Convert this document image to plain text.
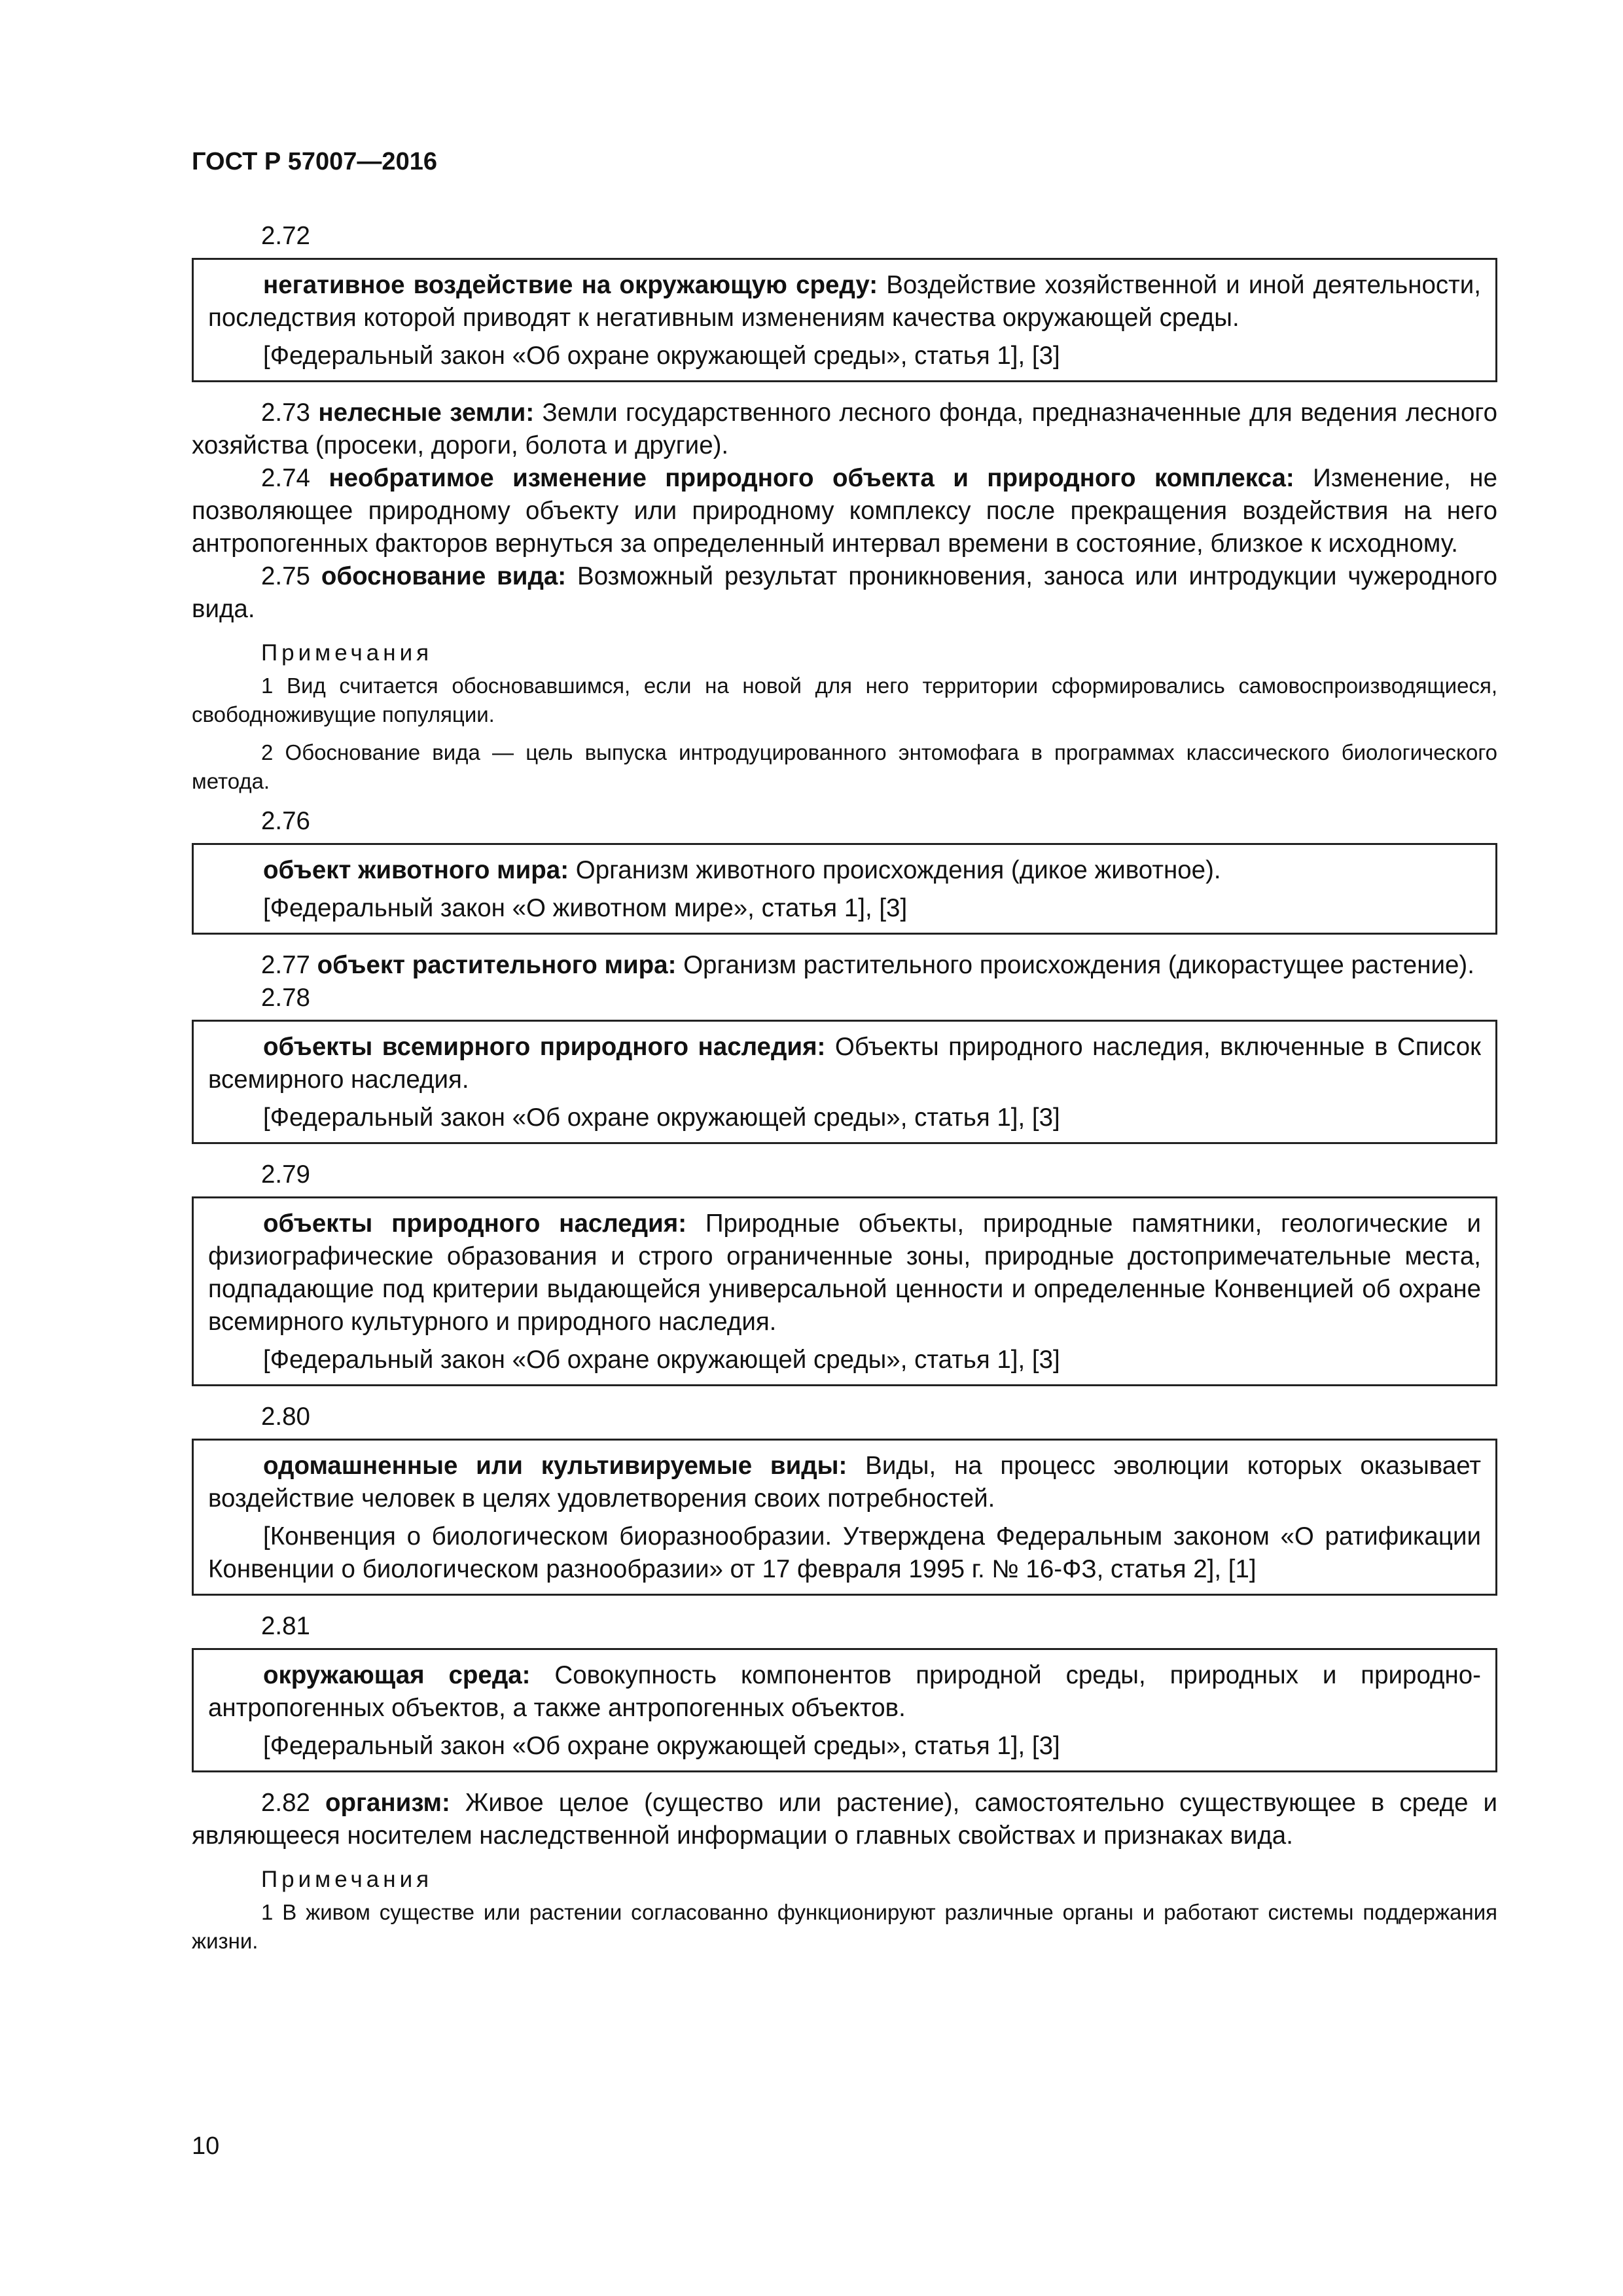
ГОСТ Р 57007—2016
2.72

негативное воздействие на окружающую среду: Воздействие хозяйственной и иной деятельности, последствия которой приводят к негативным изменениям качества окружающей среды.

[Федеральный закон «Об охране окружающей среды», статья 1], [3]

2.73 нелесные земли: Земли государственного лесного фонда, предназначенные для ведения лесного хозяйства (просеки, дороги, болота и другие).

2.74 необратимое изменение природного объекта и природного комплекса: Изменение, не позволяющее природному объекту или природному комплексу после прекращения воздействия на него антропогенных факторов вернуться за определенный интервал времени в состояние, близкое к исходному.

2.75 обоснование вида: Возможный результат проникновения, заноса или интродукции чужеродного вида.

Примечания

1 Вид считается обосновавшимся, если на новой для него территории сформировались самовоспроизводящиеся, свободноживущие популяции.

2 Обоснование вида — цель выпуска интродуцированного энтомофага в программах классического биологического метода.

2.76

объект животного мира: Организм животного происхождения (дикое животное).

[Федеральный закон «О животном мире», статья 1], [3]

2.77 объект растительного мира: Организм растительного происхождения (дикорастущее растение).

2.78

объекты всемирного природного наследия: Объекты природного наследия, включенные в Список всемирного наследия.

[Федеральный закон «Об охране окружающей среды», статья 1], [3]

2.79

объекты природного наследия: Природные объекты, природные памятники, геологические и физиографические образования и строго ограниченные зоны, природные достопримечательные места, подпадающие под критерии выдающейся универсальной ценности и определенные Конвенцией об охране всемирного культурного и природного наследия.

[Федеральный закон «Об охране окружающей среды», статья 1], [3]

2.80

одомашненные или культивируемые виды: Виды, на процесс эволюции которых оказывает воздействие человек в целях удовлетворения своих потребностей.

[Конвенция о биологическом биоразнообразии. Утверждена Федеральным законом «О ратификации Конвенции о биологическом разнообразии» от 17 февраля 1995 г. № 16-ФЗ, статья 2], [1]

2.81

окружающая среда: Совокупность компонентов природной среды, природных и природно-антропогенных объектов, а также антропогенных объектов.

[Федеральный закон «Об охране окружающей среды», статья 1], [3]

2.82 организм: Живое целое (существо или растение), самостоятельно существующее в среде и являющееся носителем наследственной информации о главных свойствах и признаках вида.

Примечания

1 В живом существе или растении согласованно функционируют различные органы и работают системы поддержания жизни.

10
